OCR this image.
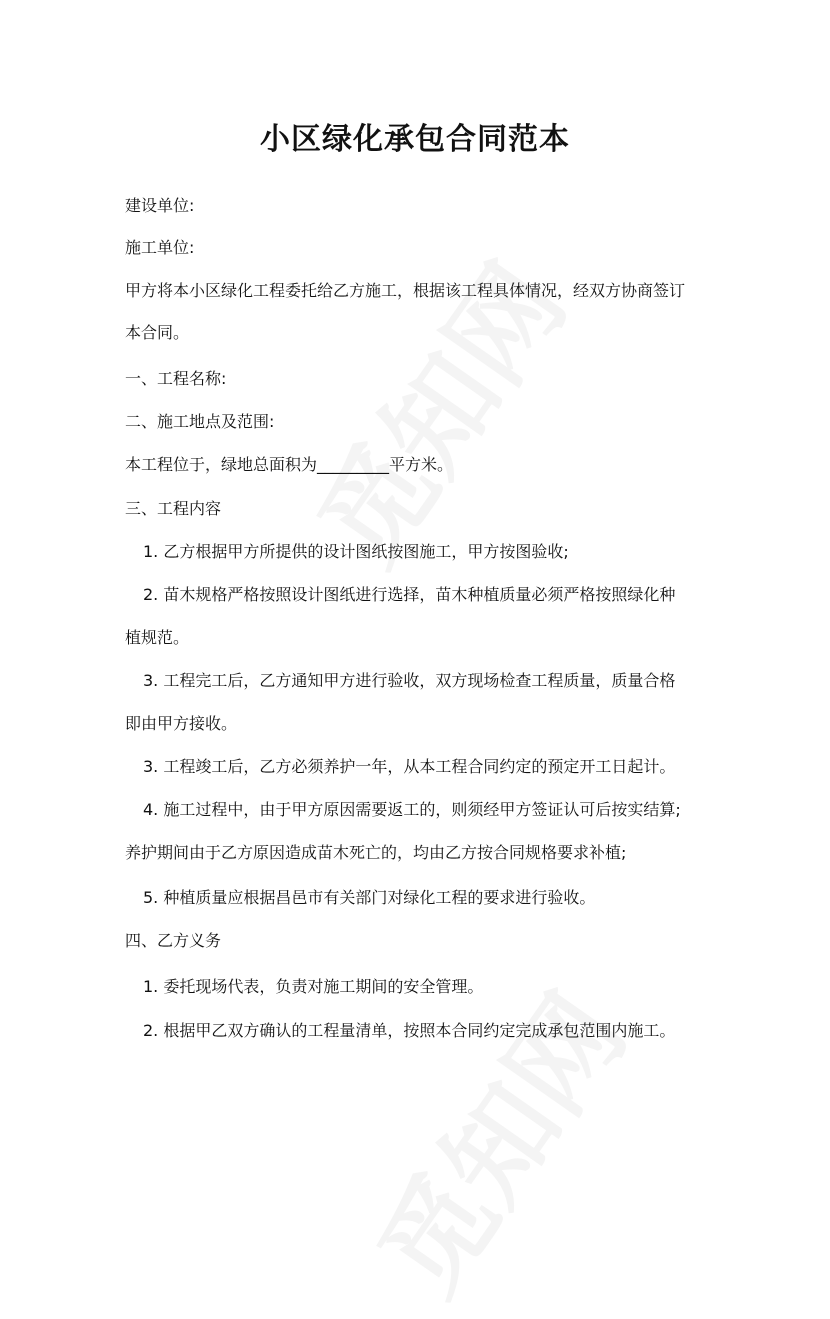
小区绿化承包合同范本
建设单位:
施工单位:
甲方将本小区绿化工程委托给乙方施工，根据该工程具体情况，经双方协商签订
本合同。
一、工程名称:
二、施工地点及范围:
本工程位于，绿地总面积为_________平方米。
三、工程内容
1. 乙方根据甲方所提供的设计图纸按图施工，甲方按图验收;
2. 苗木规格严格按照设计图纸进行选择，苗木种植质量必须严格按照绿化种
植规范。
3. 工程完工后，乙方通知甲方进行验收，双方现场检查工程质量，质量合格
即由甲方接收。
3. 工程竣工后，乙方必须养护一年，从本工程合同约定的预定开工日起计。
4. 施工过程中，由于甲方原因需要返工的，则须经甲方签证认可后按实结算;
养护期间由于乙方原因造成苗木死亡的，均由乙方按合同规格要求补植;
5. 种植质量应根据昌邑市有关部门对绿化工程的要求进行验收。
四、乙方义务
1. 委托现场代表，负责对施工期间的安全管理。
2. 根据甲乙双方确认的工程量清单，按照本合同约定完成承包范围内施工。
